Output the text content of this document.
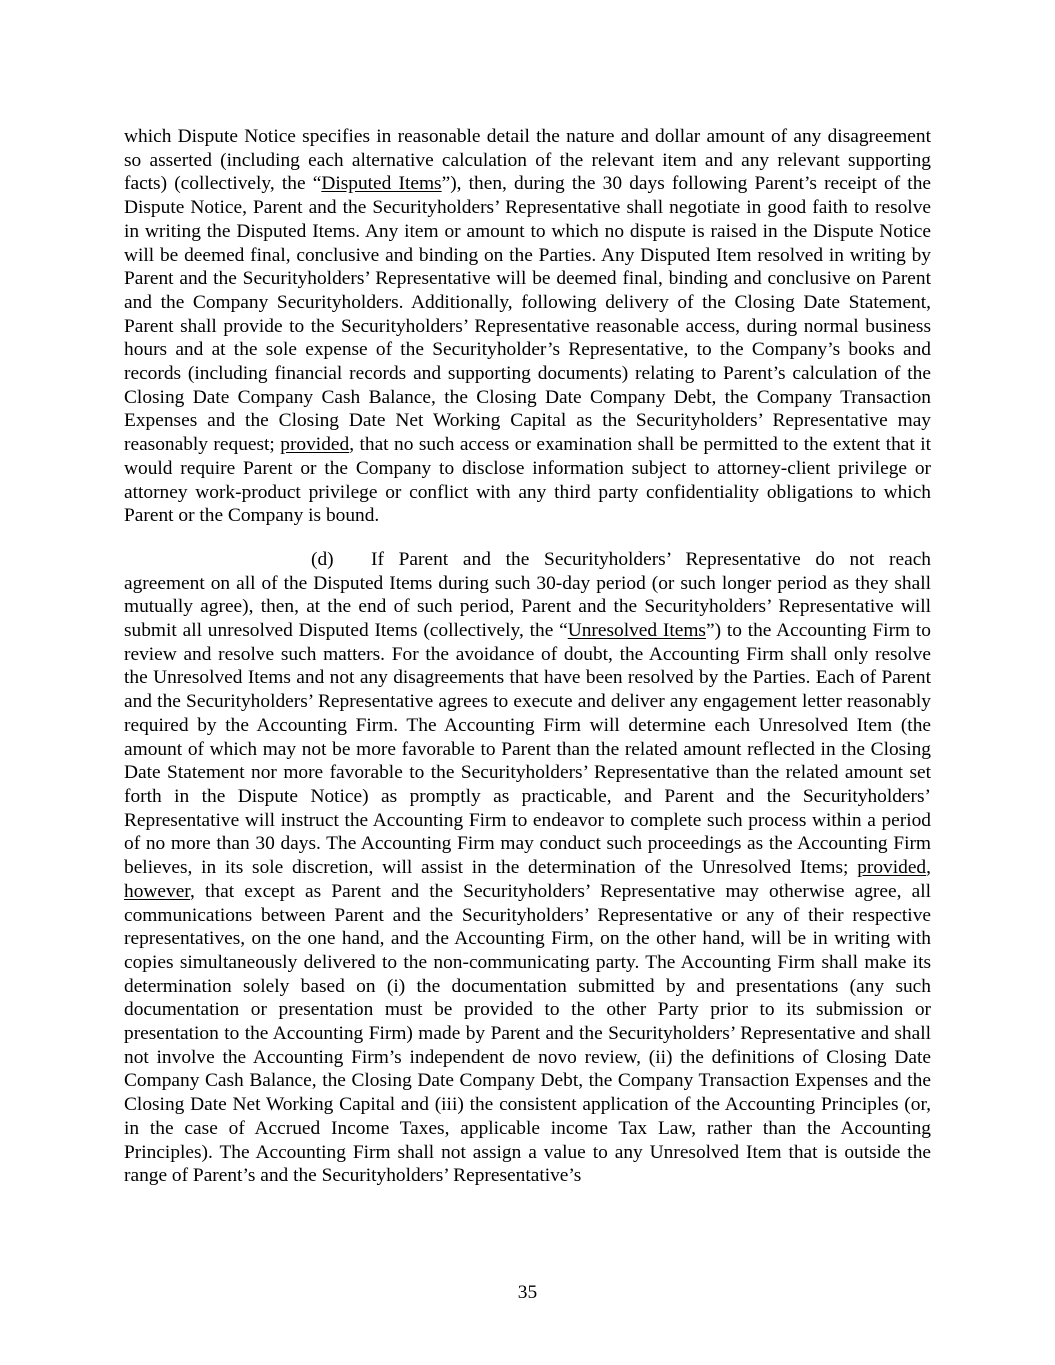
which Dispute Notice specifies in reasonable detail the nature and dollar amount of any disagreement so asserted (including each alternative calculation of the relevant item and any relevant supporting facts) (collectively, the “Disputed Items”), then, during the 30 days following Parent’s receipt of the Dispute Notice, Parent and the Securityholders’ Representative shall negotiate in good faith to resolve in writing the Disputed Items. Any item or amount to which no dispute is raised in the Dispute Notice will be deemed final, conclusive and binding on the Parties. Any Disputed Item resolved in writing by Parent and the Securityholders’ Representative will be deemed final, binding and conclusive on Parent and the Company Securityholders. Additionally, following delivery of the Closing Date Statement, Parent shall provide to the Securityholders’ Representative reasonable access, during normal business hours and at the sole expense of the Securityholder’s Representative, to the Company’s books and records (including financial records and supporting documents) relating to Parent’s calculation of the Closing Date Company Cash Balance, the Closing Date Company Debt, the Company Transaction Expenses and the Closing Date Net Working Capital as the Securityholders’ Representative may reasonably request; provided, that no such access or examination shall be permitted to the extent that it would require Parent or the Company to disclose information subject to attorney-client privilege or attorney work-product privilege or conflict with any third party confidentiality obligations to which Parent or the Company is bound.

(d) If Parent and the Securityholders’ Representative do not reach agreement on all of the Disputed Items during such 30-day period (or such longer period as they shall mutually agree), then, at the end of such period, Parent and the Securityholders’ Representative will submit all unresolved Disputed Items (collectively, the “Unresolved Items”) to the Accounting Firm to review and resolve such matters. For the avoidance of doubt, the Accounting Firm shall only resolve the Unresolved Items and not any disagreements that have been resolved by the Parties. Each of Parent and the Securityholders’ Representative agrees to execute and deliver any engagement letter reasonably required by the Accounting Firm. The Accounting Firm will determine each Unresolved Item (the amount of which may not be more favorable to Parent than the related amount reflected in the Closing Date Statement nor more favorable to the Securityholders’ Representative than the related amount set forth in the Dispute Notice) as promptly as practicable, and Parent and the Securityholders’ Representative will instruct the Accounting Firm to endeavor to complete such process within a period of no more than 30 days. The Accounting Firm may conduct such proceedings as the Accounting Firm believes, in its sole discretion, will assist in the determination of the Unresolved Items; provided, however, that except as Parent and the Securityholders’ Representative may otherwise agree, all communications between Parent and the Securityholders’ Representative or any of their respective representatives, on the one hand, and the Accounting Firm, on the other hand, will be in writing with copies simultaneously delivered to the non-communicating party. The Accounting Firm shall make its determination solely based on (i) the documentation submitted by and presentations (any such documentation or presentation must be provided to the other Party prior to its submission or presentation to the Accounting Firm) made by Parent and the Securityholders’ Representative and shall not involve the Accounting Firm’s independent de novo review, (ii) the definitions of Closing Date Company Cash Balance, the Closing Date Company Debt, the Company Transaction Expenses and the Closing Date Net Working Capital and (iii) the consistent application of the Accounting Principles (or, in the case of Accrued Income Taxes, applicable income Tax Law, rather than the Accounting Principles). The Accounting Firm shall not assign a value to any Unresolved Item that is outside the range of Parent’s and the Securityholders’ Representative’s

35
